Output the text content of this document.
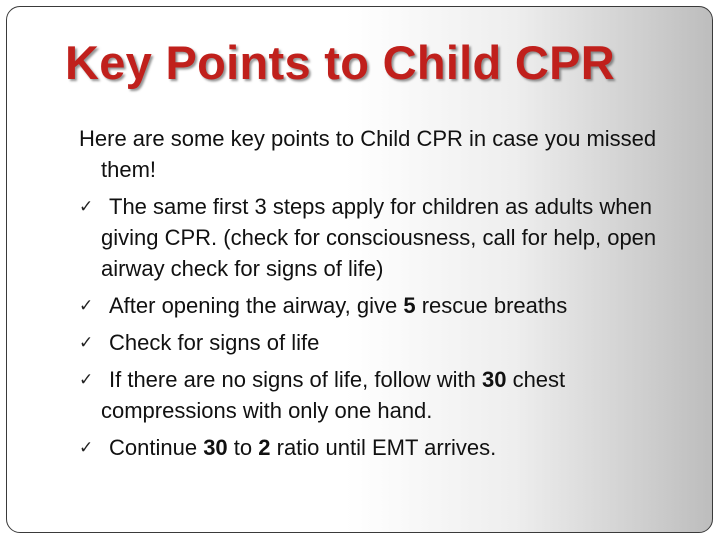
Key Points to Child CPR

Here are some key points to Child CPR in case you missed them!

✓ The same first 3 steps apply for children as adults when giving CPR. (check for consciousness, call for help, open airway check for signs of life)
✓ After opening the airway, give 5 rescue breaths
✓ Check for signs of life
✓ If there are no signs of life, follow with 30 chest compressions with only one hand.
✓ Continue 30 to 2 ratio until EMT arrives.
